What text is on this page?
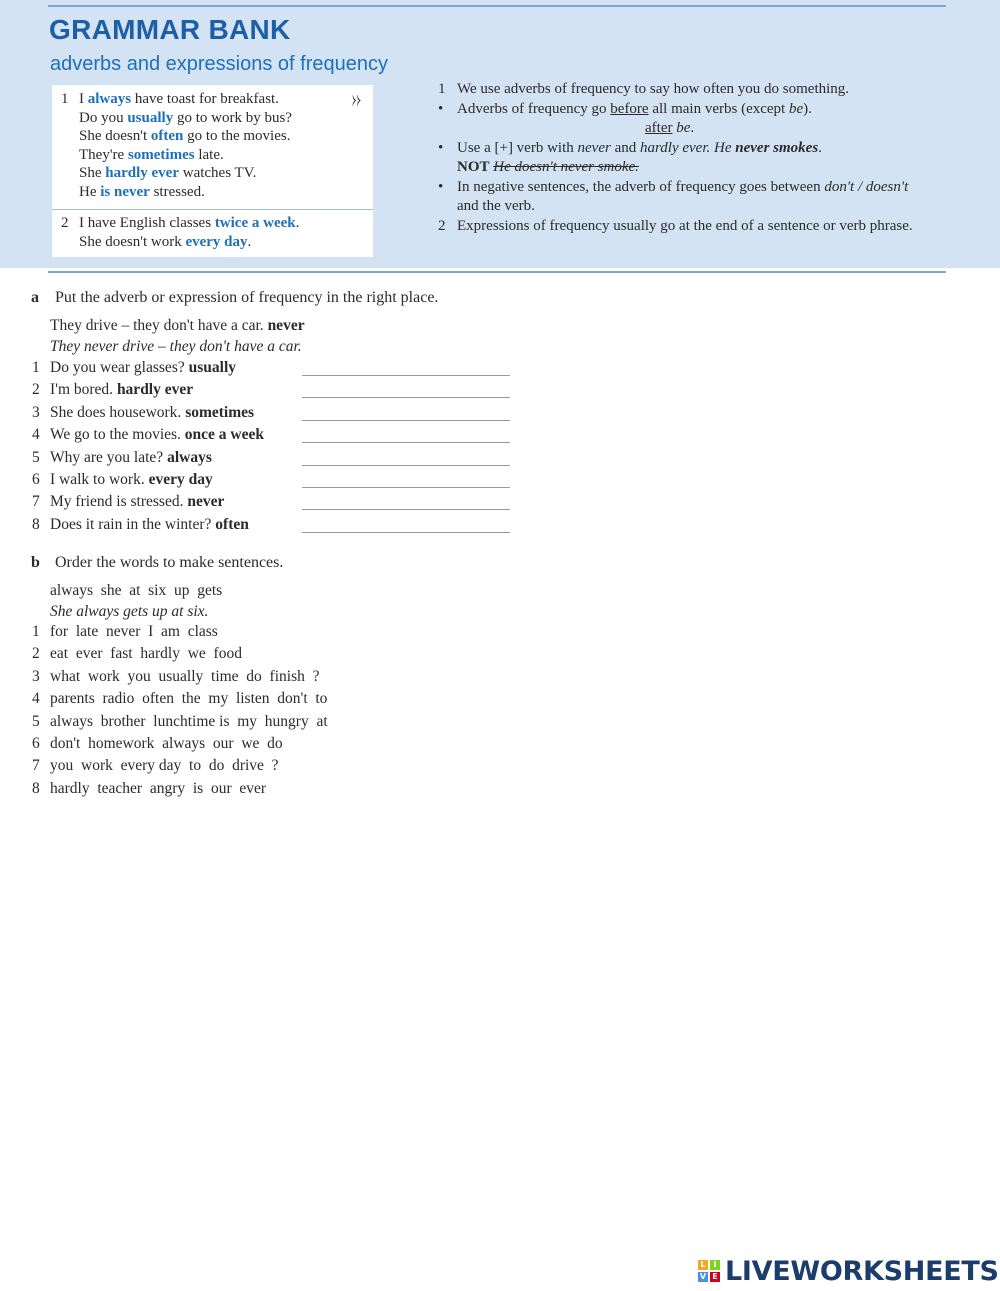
GRAMMAR BANK
adverbs and expressions of frequency
1	⧽⧽
I always have toast for breakfast.
Do you usually go to work by bus?
She doesn't often go to the movies.
They're sometimes late.
She hardly ever watches TV.
He is never stressed.
2 I have English classes twice a week.
She doesn't work every day.
1 We use adverbs of frequency to say how often you do something.
• Adverbs of frequency go before all main verbs (except be).
after be.
• Use a [+] verb with never and hardly ever. He never smokes.
NOT He doesn't never smoke.
• In negative sentences, the adverb of frequency goes between don't / doesn't
and the verb.
2 Expressions of frequency usually go at the end of a sentence or verb phrase.
a Put the adverb or expression of frequency in the right place.
They drive – they don't have a car. never
They never drive – they don't have a car.
1 Do you wear glasses? usually
2 I'm bored. hardly ever
3 She does housework. sometimes
4 We go to the movies. once a week
5 Why are you late? always
6 I walk to work. every day
7 My friend is stressed. never
8 Does it rain in the winter? often
b Order the words to make sentences.
always  she  at  six  up  gets
She always gets up at six.
1 for  late  never  I  am  class
2 eat  ever  fast  hardly  we  food
3 what  work  you  usually  time  do  finish  ?
4 parents  radio  often  the  my  listen  don't  to
5 always  brother  lunchtime is  my  hungry  at
6 don't  homework  always  our  we  do
7 you  work  every day  to  do  drive  ?
8 hardly  teacher  angry  is  our  ever
L I
V E LIVEWORKSHEETS
